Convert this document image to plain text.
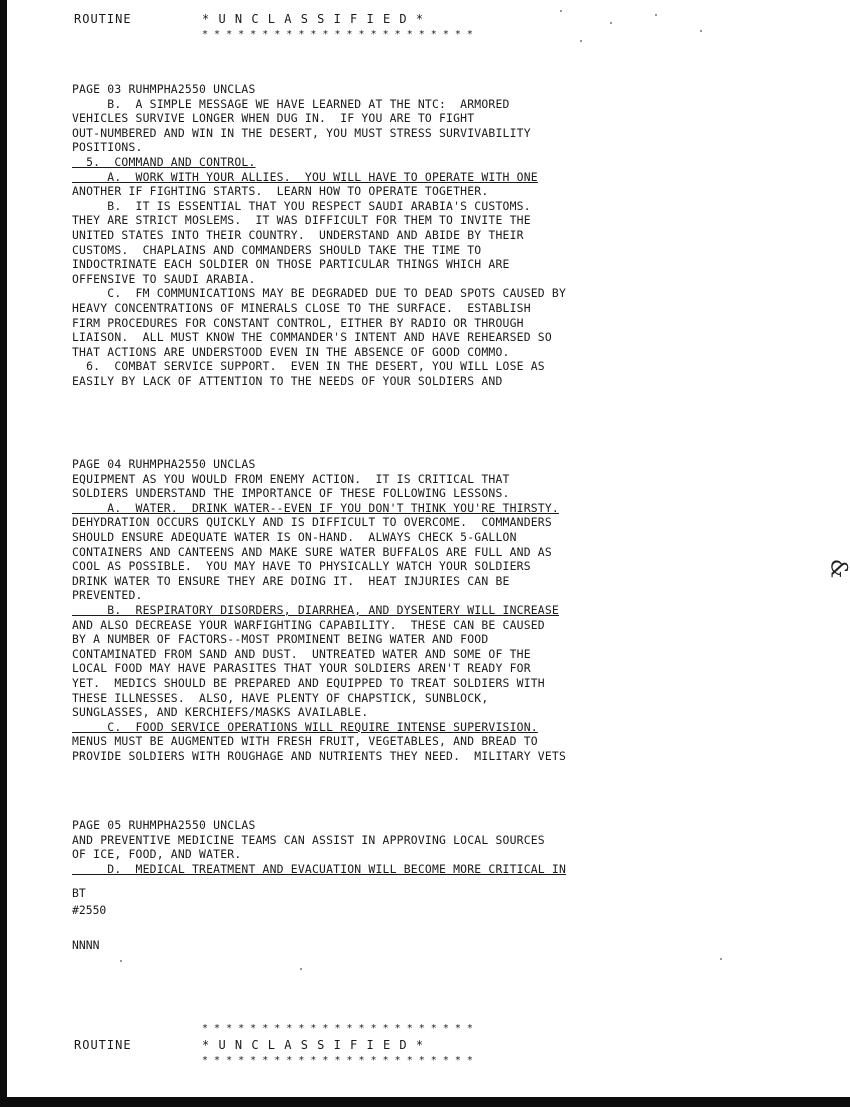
ROUTINE	* U N C L A S S I F I E D *
* * * * * * * * * * * * * * * * * * * * * * *
PAGE 03 RUHMPHA2550 UNCLAS
B.  A SIMPLE MESSAGE WE HAVE LEARNED AT THE NTC:  ARMORED
VEHICLES SURVIVE LONGER WHEN DUG IN.  IF YOU ARE TO FIGHT
OUT-NUMBERED AND WIN IN THE DESERT, YOU MUST STRESS SURVIVABILITY
POSITIONS.
5.  COMMAND AND CONTROL.
A.  WORK WITH YOUR ALLIES.  YOU WILL HAVE TO OPERATE WITH ONE
ANOTHER IF FIGHTING STARTS.  LEARN HOW TO OPERATE TOGETHER.
B.  IT IS ESSENTIAL THAT YOU RESPECT SAUDI ARABIA'S CUSTOMS.
THEY ARE STRICT MOSLEMS.  IT WAS DIFFICULT FOR THEM TO INVITE THE
UNITED STATES INTO THEIR COUNTRY.  UNDERSTAND AND ABIDE BY THEIR
CUSTOMS.  CHAPLAINS AND COMMANDERS SHOULD TAKE THE TIME TO
INDOCTRINATE EACH SOLDIER ON THOSE PARTICULAR THINGS WHICH ARE
OFFENSIVE TO SAUDI ARABIA.
C.  FM COMMUNICATIONS MAY BE DEGRADED DUE TO DEAD SPOTS CAUSED BY
HEAVY CONCENTRATIONS OF MINERALS CLOSE TO THE SURFACE.  ESTABLISH
FIRM PROCEDURES FOR CONSTANT CONTROL, EITHER BY RADIO OR THROUGH
LIAISON.  ALL MUST KNOW THE COMMANDER'S INTENT AND HAVE REHEARSED SO
THAT ACTIONS ARE UNDERSTOOD EVEN IN THE ABSENCE OF GOOD COMMO.
6.  COMBAT SERVICE SUPPORT.  EVEN IN THE DESERT, YOU WILL LOSE AS
EASILY BY LACK OF ATTENTION TO THE NEEDS OF YOUR SOLDIERS AND
PAGE 04 RUHMPHA2550 UNCLAS
EQUIPMENT AS YOU WOULD FROM ENEMY ACTION.  IT IS CRITICAL THAT
SOLDIERS UNDERSTAND THE IMPORTANCE OF THESE FOLLOWING LESSONS.
A.  WATER.  DRINK WATER--EVEN IF YOU DON'T THINK YOU'RE THIRSTY.
DEHYDRATION OCCURS QUICKLY AND IS DIFFICULT TO OVERCOME.  COMMANDERS
SHOULD ENSURE ADEQUATE WATER IS ON-HAND.  ALWAYS CHECK 5-GALLON
CONTAINERS AND CANTEENS AND MAKE SURE WATER BUFFALOS ARE FULL AND AS
COOL AS POSSIBLE.  YOU MAY HAVE TO PHYSICALLY WATCH YOUR SOLDIERS
DRINK WATER TO ENSURE THEY ARE DOING IT.  HEAT INJURIES CAN BE
PREVENTED.
B.  RESPIRATORY DISORDERS, DIARRHEA, AND DYSENTERY WILL INCREASE
AND ALSO DECREASE YOUR WARFIGHTING CAPABILITY.  THESE CAN BE CAUSED
BY A NUMBER OF FACTORS--MOST PROMINENT BEING WATER AND FOOD
CONTAMINATED FROM SAND AND DUST.  UNTREATED WATER AND SOME OF THE
LOCAL FOOD MAY HAVE PARASITES THAT YOUR SOLDIERS AREN'T READY FOR
YET.  MEDICS SHOULD BE PREPARED AND EQUIPPED TO TREAT SOLDIERS WITH
THESE ILLNESSES.  ALSO, HAVE PLENTY OF CHAPSTICK, SUNBLOCK,
SUNGLASSES, AND KERCHIEFS/MASKS AVAILABLE.
C.  FOOD SERVICE OPERATIONS WILL REQUIRE INTENSE SUPERVISION.
MENUS MUST BE AUGMENTED WITH FRESH FRUIT, VEGETABLES, AND BREAD TO
PROVIDE SOLDIERS WITH ROUGHAGE AND NUTRIENTS THEY NEED.  MILITARY VETS
PAGE 05 RUHMPHA2550 UNCLAS
AND PREVENTIVE MEDICINE TEAMS CAN ASSIST IN APPROVING LOCAL SOURCES
OF ICE, FOOD, AND WATER.
D.  MEDICAL TREATMENT AND EVACUATION WILL BECOME MORE CRITICAL IN
BT
#2550
NNNN
* * * * * * * * * * * * * * * * * * * * * * *
ROUTINE	* U N C L A S S I F I E D *
* * * * * * * * * * * * * * * * * * * * * * *
&
